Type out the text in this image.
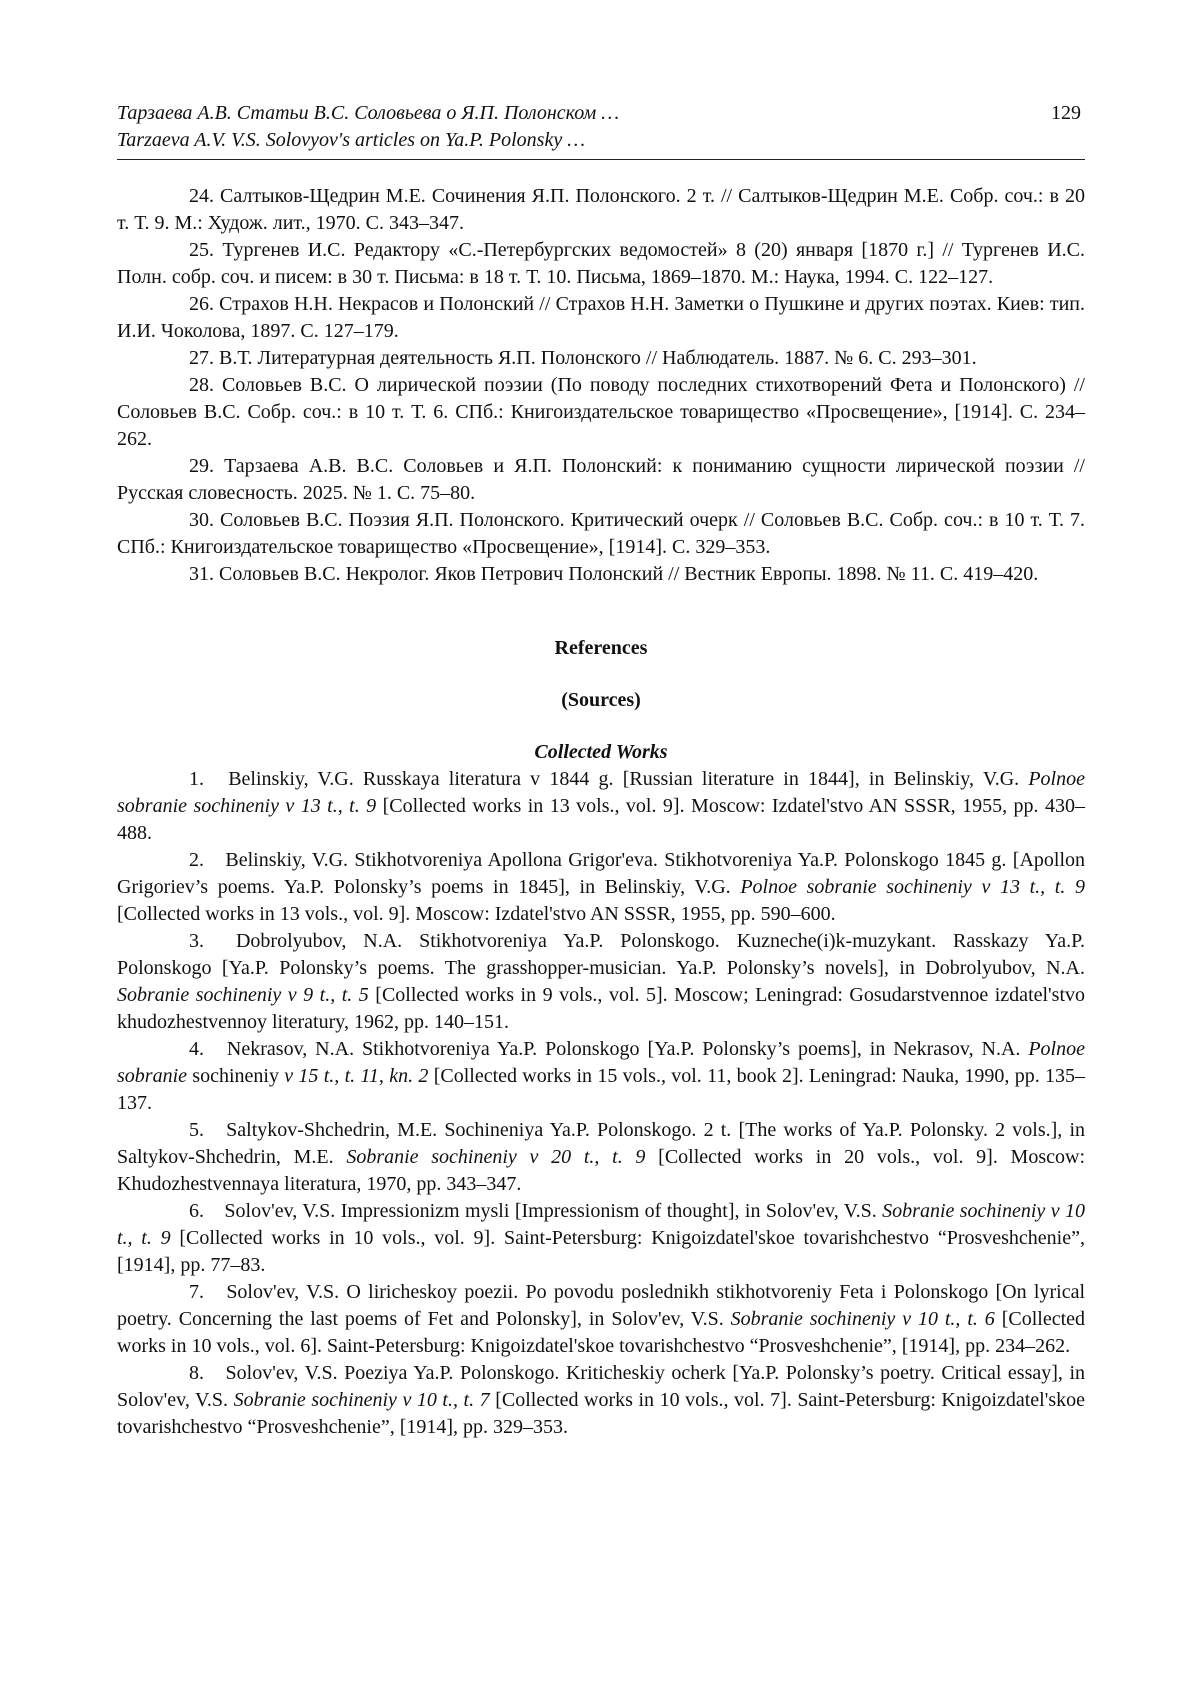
Тарзаева А.В. Статьи В.С. Соловьева о Я.П. Полонском …
Tarzaeva A.V. V.S. Solovyov's articles on Ya.P. Polonsky …
129

24. Салтыков-Щедрин М.Е. Сочинения Я.П. Полонского. 2 т. // Салтыков-Щедрин М.Е. Собр. соч.: в 20 т. Т. 9. М.: Худож. лит., 1970. С. 343–347.

25. Тургенев И.С. Редактору «С.-Петербургских ведомостей» 8 (20) января [1870 г.] // Тургенев И.С. Полн. собр. соч. и писем: в 30 т. Письма: в 18 т. Т. 10. Письма, 1869–1870. М.: Наука, 1994. С. 122–127.

26. Страхов Н.Н. Некрасов и Полонский // Страхов Н.Н. Заметки о Пушкине и других поэтах. Киев: тип. И.И. Чоколова, 1897. С. 127–179.

27. В.Т. Литературная деятельность Я.П. Полонского // Наблюдатель. 1887. № 6. С. 293–301.

28. Соловьев В.С. О лирической поэзии (По поводу последних стихотворений Фета и Полонского) // Соловьев В.С. Собр. соч.: в 10 т. Т. 6. СПб.: Книгоиздательское товарищество «Просвещение», [1914]. С. 234–262.

29. Тарзаева А.В. В.С. Соловьев и Я.П. Полонский: к пониманию сущности лирической поэзии // Русская словесность. 2025. № 1. С. 75–80.

30. Соловьев В.С. Поэзия Я.П. Полонского. Критический очерк // Соловьев В.С. Собр. соч.: в 10 т. Т. 7. СПб.: Книгоиздательское товарищество «Просвещение», [1914]. С. 329–353.

31. Соловьев В.С. Некролог. Яков Петрович Полонский // Вестник Европы. 1898. № 11. С. 419–420.

References
(Sources)
Collected Works

1. Belinskiy, V.G. Russkaya literatura v 1844 g. [Russian literature in 1844], in Belinskiy, V.G. Polnoe sobranie sochineniy v 13 t., t. 9 [Collected works in 13 vols., vol. 9]. Moscow: Izdatel'stvo AN SSSR, 1955, pp. 430–488.

2. Belinskiy, V.G. Stikhotvoreniya Apollona Grigor'eva. Stikhotvoreniya Ya.P. Polonskogo 1845 g. [Apollon Grigoriev’s poems. Ya.P. Polonsky’s poems in 1845], in Belinskiy, V.G. Polnoe sobranie sochineniy v 13 t., t. 9 [Collected works in 13 vols., vol. 9]. Moscow: Izdatel'stvo AN SSSR, 1955, pp. 590–600.

3. Dobrolyubov, N.A. Stikhotvoreniya Ya.P. Polonskogo. Kuzneche(i)k-muzykant. Rasskazy Ya.P. Polonskogo [Ya.P. Polonsky’s poems. The grasshopper-musician. Ya.P. Polonsky’s novels], in Dobrolyubov, N.A. Sobranie sochineniy v 9 t., t. 5 [Collected works in 9 vols., vol. 5]. Moscow; Leningrad: Gosudarstvennoe izdatel'stvo khudozhestvennoy literatury, 1962, pp. 140–151.

4. Nekrasov, N.A. Stikhotvoreniya Ya.P. Polonskogo [Ya.P. Polonsky’s poems], in Nekrasov, N.A. Polnoe sobranie sochineniy v 15 t., t. 11, kn. 2 [Collected works in 15 vols., vol. 11, book 2]. Leningrad: Nauka, 1990, pp. 135–137.

5. Saltykov-Shchedrin, M.E. Sochineniya Ya.P. Polonskogo. 2 t. [The works of Ya.P. Polonsky. 2 vols.], in Saltykov-Shchedrin, M.E. Sobranie sochineniy v 20 t., t. 9 [Collected works in 20 vols., vol. 9]. Moscow: Khudozhestvennaya literatura, 1970, pp. 343–347.

6. Solov'ev, V.S. Impressionizm mysli [Impressionism of thought], in Solov'ev, V.S. Sobranie sochineniy v 10 t., t. 9 [Collected works in 10 vols., vol. 9]. Saint-Petersburg: Knigoizdatel'skoe tovarishchestvo “Prosveshchenie”, [1914], pp. 77–83.

7. Solov'ev, V.S. O liricheskoy poezii. Po povodu poslednikh stikhotvoreniy Feta i Polonskogo [On lyrical poetry. Concerning the last poems of Fet and Polonsky], in Solov'ev, V.S. Sobranie sochineniy v 10 t., t. 6 [Collected works in 10 vols., vol. 6]. Saint-Petersburg: Knigoizdatel'skoe tovarishchestvo “Prosveshchenie”, [1914], pp. 234–262.

8. Solov'ev, V.S. Poeziya Ya.P. Polonskogo. Kriticheskiy ocherk [Ya.P. Polonsky’s poetry. Critical essay], in Solov'ev, V.S. Sobranie sochineniy v 10 t., t. 7 [Collected works in 10 vols., vol. 7]. Saint-Petersburg: Knigoizdatel'skoe tovarishchestvo “Prosveshchenie”, [1914], pp. 329–353.
